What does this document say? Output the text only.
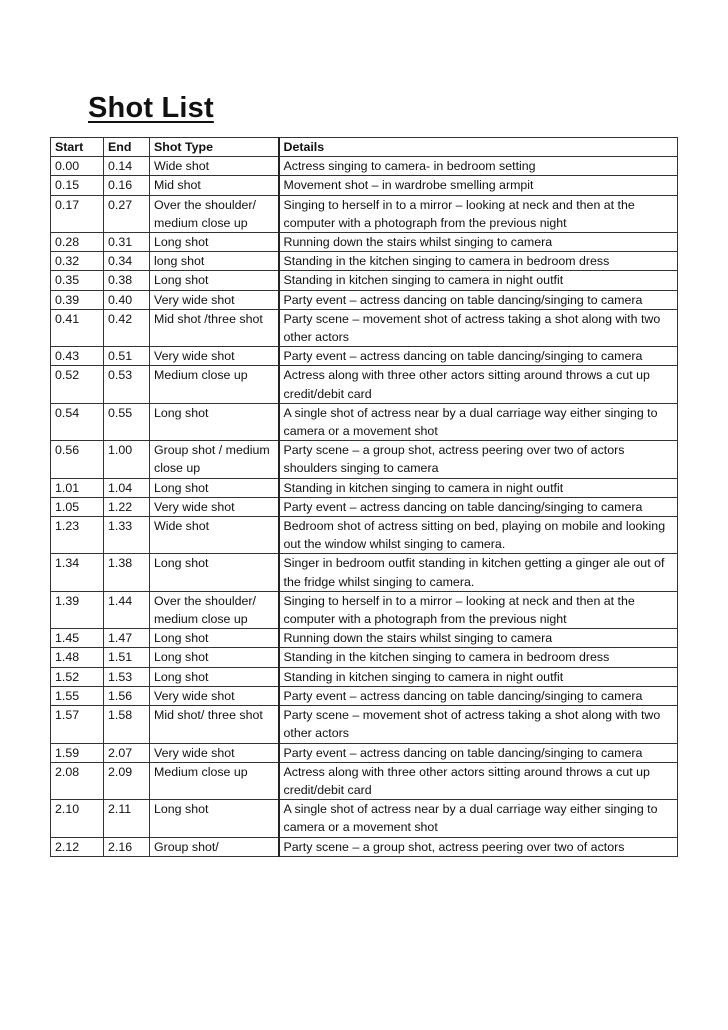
Shot List
Start	End	Shot Type	Details
0.00	0.14	Wide shot	Actress singing to camera- in bedroom setting
0.15	0.16	Mid shot	Movement shot – in wardrobe smelling armpit
0.17	0.27	Over the shoulder/ medium close up	Singing to herself in to a mirror – looking at neck and then at the computer with a photograph from the previous night
0.28	0.31	Long shot	Running down the stairs whilst singing to camera
0.32	0.34	long shot	Standing in the kitchen singing to camera in bedroom dress
0.35	0.38	Long shot	Standing in kitchen singing to camera in night outfit
0.39	0.40	Very wide shot	Party event – actress dancing on table dancing/singing to camera
0.41	0.42	Mid shot /three shot	Party scene – movement shot of actress taking a shot along with two other actors
0.43	0.51	Very wide shot	Party event – actress dancing on table dancing/singing to camera
0.52	0.53	Medium close up	Actress along with three other actors sitting around throws a cut up credit/debit card
0.54	0.55	Long shot	A single shot of actress near by a dual carriage way either singing to camera or a movement shot
0.56	1.00	Group shot / medium close up	Party scene – a group shot, actress peering over two of actors shoulders singing to camera
1.01	1.04	Long shot	Standing in kitchen singing to camera in night outfit
1.05	1.22	Very wide shot	Party event – actress dancing on table dancing/singing to camera
1.23	1.33	Wide shot	Bedroom shot of actress sitting on bed, playing on mobile and looking out the window whilst singing to camera.
1.34	1.38	Long shot	Singer in bedroom outfit standing in kitchen getting a ginger ale out of the fridge whilst singing to camera.
1.39	1.44	Over the shoulder/ medium close up	Singing to herself in to a mirror – looking at neck and then at the computer with a photograph from the previous night
1.45	1.47	Long shot	Running down the stairs whilst singing to camera
1.48	1.51	Long shot	Standing in the kitchen singing to camera in bedroom dress
1.52	1.53	Long shot	Standing in kitchen singing to camera in night outfit
1.55	1.56	Very wide shot	Party event – actress dancing on table dancing/singing to camera
1.57	1.58	Mid shot/ three shot	Party scene – movement shot of actress taking a shot along with two other actors
1.59	2.07	Very wide shot	Party event – actress dancing on table dancing/singing to camera
2.08	2.09	Medium close up	Actress along with three other actors sitting around throws a cut up credit/debit card
2.10	2.11	Long shot	A single shot of actress near by a dual carriage way either singing to camera or a movement shot
2.12	2.16	Group shot/	Party scene – a group shot, actress peering over two of actors
